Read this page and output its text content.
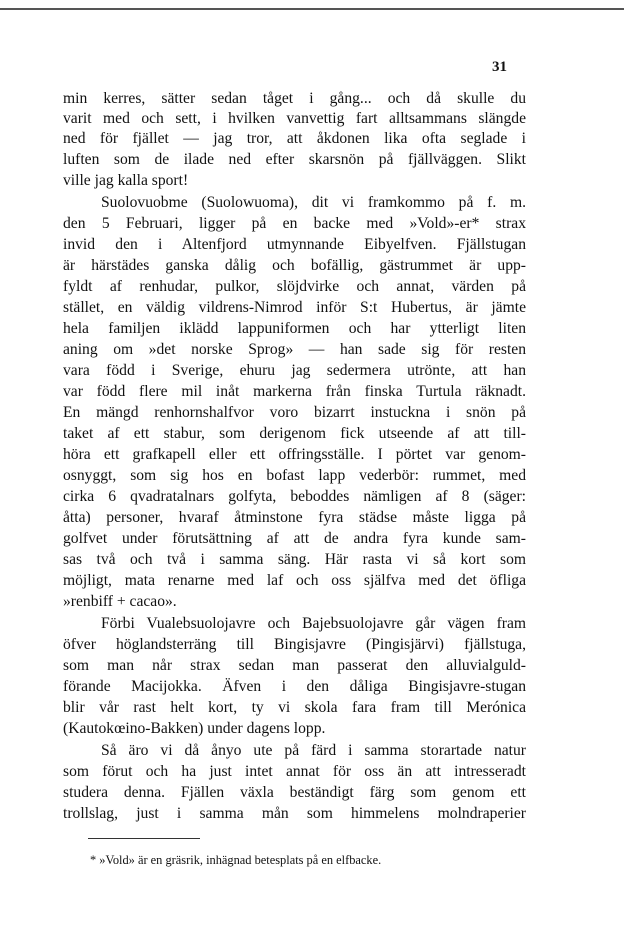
31
min kerres, sätter sedan tåget i gång... och då skulle du
varit med och sett, i hvilken vanvettig fart alltsammans slängde
ned för fjället — jag tror, att åkdonen lika ofta seglade i
luften som de ilade ned efter skarsnön på fjällväggen. Slikt
ville jag kalla sport!
Suolovuobme (Suolowuoma), dit vi framkommo på f. m.
den 5 Februari, ligger på en backe med »Vold»-er* strax
invid den i Altenfjord utmynnande Eibyelfven. Fjällstugan
är härstädes ganska dålig och bofällig, gästrummet är upp-
fyldt af renhudar, pulkor, slöjdvirke och annat, värden på
stället, en väldig vildrens-Nimrod inför S:t Hubertus, är jämte
hela familjen iklädd lappuniformen och har ytterligt liten
aning om »det norske Sprog» — han sade sig för resten
vara född i Sverige, ehuru jag sedermera utrönte, att han
var född flere mil inåt markerna från finska Turtula räknadt.
En mängd renhornshalfvor voro bizarrt instuckna i snön på
taket af ett stabur, som derigenom fick utseende af att till-
höra ett grafkapell eller ett offringsställe. I pörtet var genom-
osnyggt, som sig hos en bofast lapp vederbör: rummet, med
cirka 6 qvadratalnars golfyta, beboddes nämligen af 8 (säger:
åtta) personer, hvaraf åtminstone fyra städse måste ligga på
golfvet under förutsättning af att de andra fyra kunde sam-
sas två och två i samma säng. Här rasta vi så kort som
möjligt, mata renarne med laf och oss själfva med det öfliga
»renbiff + cacao».
Förbi Vualebsuolojavre och Bajebsuolojavre går vägen fram
öfver höglandsterräng till Bingisjavre (Pingisjärvi) fjällstuga,
som man når strax sedan man passerat den alluvialguld-
förande Macijokka. Äfven i den dåliga Bingisjavre-stugan
blir vår rast helt kort, ty vi skola fara fram till Merónica
(Kautokœino-Bakken) under dagens lopp.
Så äro vi då ånyo ute på färd i samma storartade natur
som förut och ha just intet annat för oss än att intresseradt
studera denna. Fjällen växla beständigt färg som genom ett
trollslag, just i samma mån som himmelens molndraperier
* »Vold» är en gräsrik, inhägnad betesplats på en elfbacke.
